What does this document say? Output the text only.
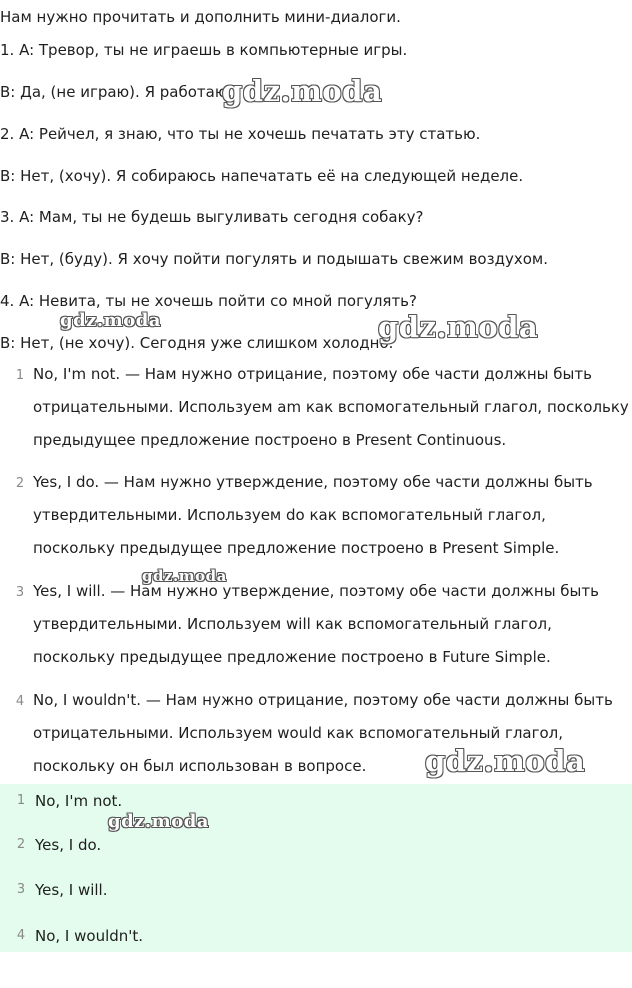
Нам нужно прочитать и дополнить мини-диалоги.
1. A: Тревор, ты не играешь в компьютерные игры.
B: Да, (не играю). Я работаю.
2. A: Рейчел, я знаю, что ты не хочешь печатать эту статью.
B: Нет, (хочу). Я собираюсь напечатать её на следующей неделе.
3. A: Мам, ты не будешь выгуливать сегодня собаку?
B: Нет, (буду). Я хочу пойти погулять и подышать свежим воздухом.
4. A: Невита, ты не хочешь пойти со мной погулять?
B: Нет, (не хочу). Сегодня уже слишком холодно.
1 No, I'm not. — Нам нужно отрицание, поэтому обе части должны быть отрицательными. Используем am как вспомогательный глагол, поскольку предыдущее предложение построено в Present Continuous.

2 Yes, I do. — Нам нужно утверждение, поэтому обе части должны быть утвердительными. Используем do как вспомогательный глагол, поскольку предыдущее предложение построено в Present Simple.

3 Yes, I will. — Нам нужно утверждение, поэтому обе части должны быть утвердительными. Используем will как вспомогательный глагол, поскольку предыдущее предложение построено в Future Simple.

4 No, I wouldn't. — Нам нужно отрицание, поэтому обе части должны быть отрицательными. Используем would как вспомогательный глагол, поскольку он был использован в вопросе.

1 No, I'm not.
2 Yes, I do.
3 Yes, I will.
4 No, I wouldn't.
gdz.moda
gdz.moda	gdz.moda
gdz.moda
gdz.moda
gdz.moda
